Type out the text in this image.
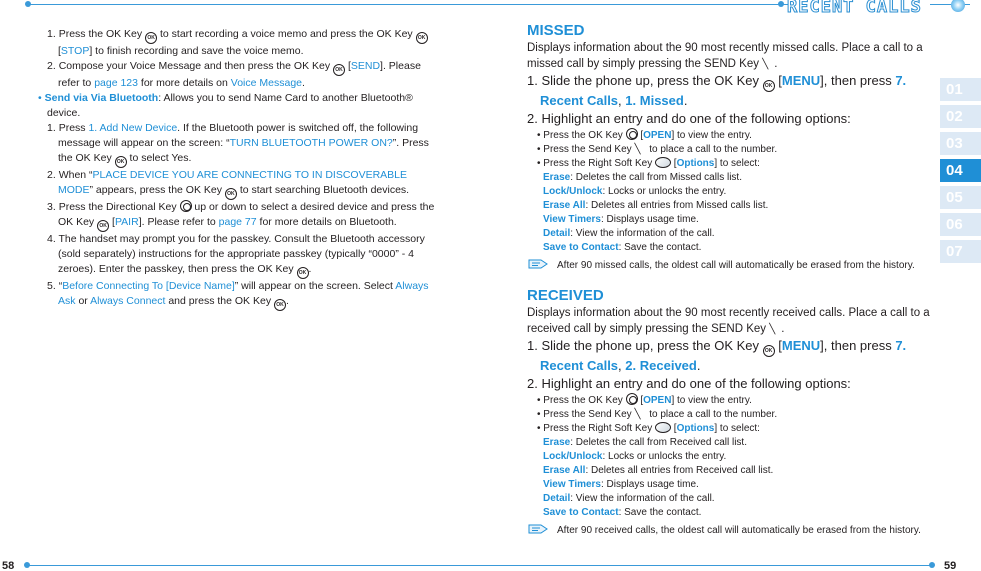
RECENT CALLS
01
02
03
04
05
06
07
1. Press the OK Key OK to start recording a voice memo and press the OK Key OK [STOP] to finish recording and save the voice memo.
2. Compose your Voice Message and then press the OK Key OK [SEND]. Please refer to page 123 for more details on Voice Message.
• Send via Via Bluetooth: Allows you to send Name Card to another Bluetooth® device.
1. Press 1. Add New Device. If the Bluetooth power is switched off, the following message will appear on the screen: “TURN BLUETOOTH POWER ON?”. Press the OK Key OK to select Yes.
2. When “PLACE DEVICE YOU ARE CONNECTING TO IN DISCOVERABLE MODE” appears, press the OK Key OK to start searching Bluetooth devices.
3. Press the Directional Key up or down to select a desired device and press the OK Key OK [PAIR]. Please refer to page 77 for more details on Bluetooth.
4. The handset may prompt you for the passkey. Consult the Bluetooth accessory (sold separately) instructions for the appropriate passkey (typically “0000” - 4 zeroes). Enter the passkey, then press the OK Key OK .
5. “Before Connecting To [Device Name]” will appear on the screen. Select Always Ask or Always Connect and press the OK Key OK .
MISSED
Displays information about the 90 most recently missed calls. Place a call to a missed call by simply pressing the SEND Key ╲ .
1. Slide the phone up, press the OK Key OK [MENU], then press 7. Recent Calls, 1. Missed.
2. Highlight an entry and do one of the following options:
• Press the OK Key [OPEN] to view the entry.
• Press the Send Key ╲ to place a call to the number.
• Press the Right Soft Key [Options] to select:
Erase: Deletes the call from Missed calls list.
Lock/Unlock: Locks or unlocks the entry.
Erase All: Deletes all entries from Missed calls list.
View Timers: Displays usage time.
Detail: View the information of the call.
Save to Contact: Save the contact.
After 90 missed calls, the oldest call will automatically be erased from the history.
RECEIVED
Displays information about the 90 most recently received calls. Place a call to a received call by simply pressing the SEND Key ╲ .
1. Slide the phone up, press the OK Key OK [MENU], then press 7. Recent Calls, 2. Received.
2. Highlight an entry and do one of the following options:
• Press the OK Key [OPEN] to view the entry.
• Press the Send Key ╲ to place a call to the number.
• Press the Right Soft Key [Options] to select:
Erase: Deletes the call from Received call list.
Lock/Unlock: Locks or unlocks the entry.
Erase All: Deletes all entries from Received call list.
View Timers: Displays usage time.
Detail: View the information of the call.
Save to Contact: Save the contact.
After 90 received calls, the oldest call will automatically be erased from the history.
58	59
